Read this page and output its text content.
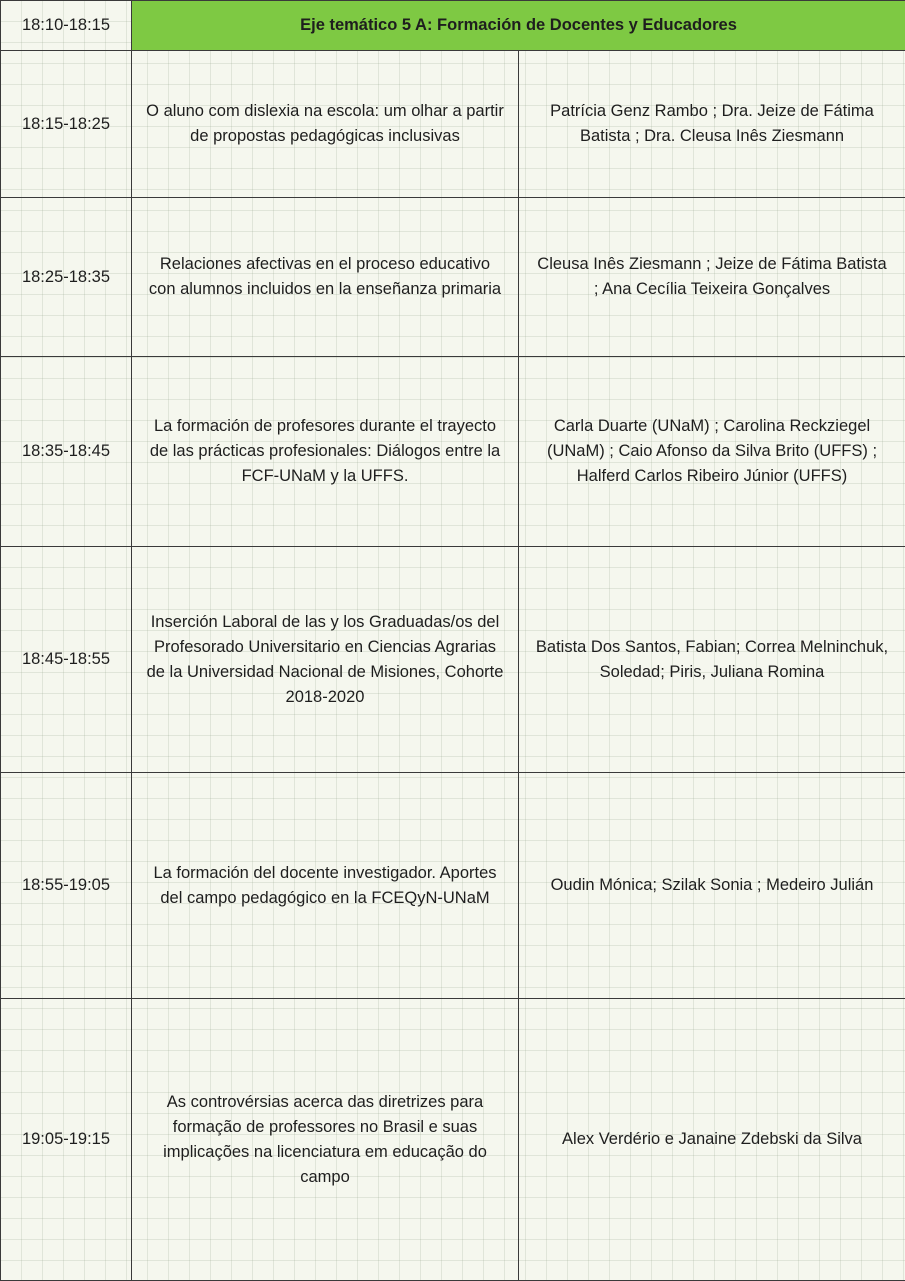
18:10-18:15	Eje temático 5 A: Formación de Docentes y Educadores	
18:15-18:25	O aluno com dislexia na escola: um olhar a partir de propostas pedagógicas inclusivas	Patrícia Genz Rambo ; Dra. Jeize de Fátima Batista ; Dra. Cleusa Inês Ziesmann
18:25-18:35	Relaciones afectivas en el proceso educativo con alumnos incluidos en la enseñanza primaria	Cleusa Inês Ziesmann ; Jeize de Fátima Batista ; Ana Cecília Teixeira Gonçalves
18:35-18:45	La formación de profesores durante el trayecto de las prácticas profesionales: Diálogos entre la FCF-UNaM y la UFFS.	Carla Duarte (UNaM) ; Carolina Reckziegel (UNaM) ; Caio Afonso da Silva Brito (UFFS) ; Halferd Carlos Ribeiro Júnior (UFFS)
18:45-18:55	Inserción Laboral de las y los Graduadas/os del Profesorado Universitario en Ciencias Agrarias de la Universidad Nacional de Misiones, Cohorte 2018-2020	Batista Dos Santos, Fabian; Correa Melninchuk, Soledad; Piris, Juliana Romina
18:55-19:05	La formación del docente investigador. Aportes del campo pedagógico en la FCEQyN-UNaM	Oudin Mónica; Szilak Sonia ; Medeiro Julián
19:05-19:15	As controvérsias acerca das diretrizes para formação de professores no Brasil e suas implicações na licenciatura em educação do campo	Alex Verdério e Janaine Zdebski da Silva
